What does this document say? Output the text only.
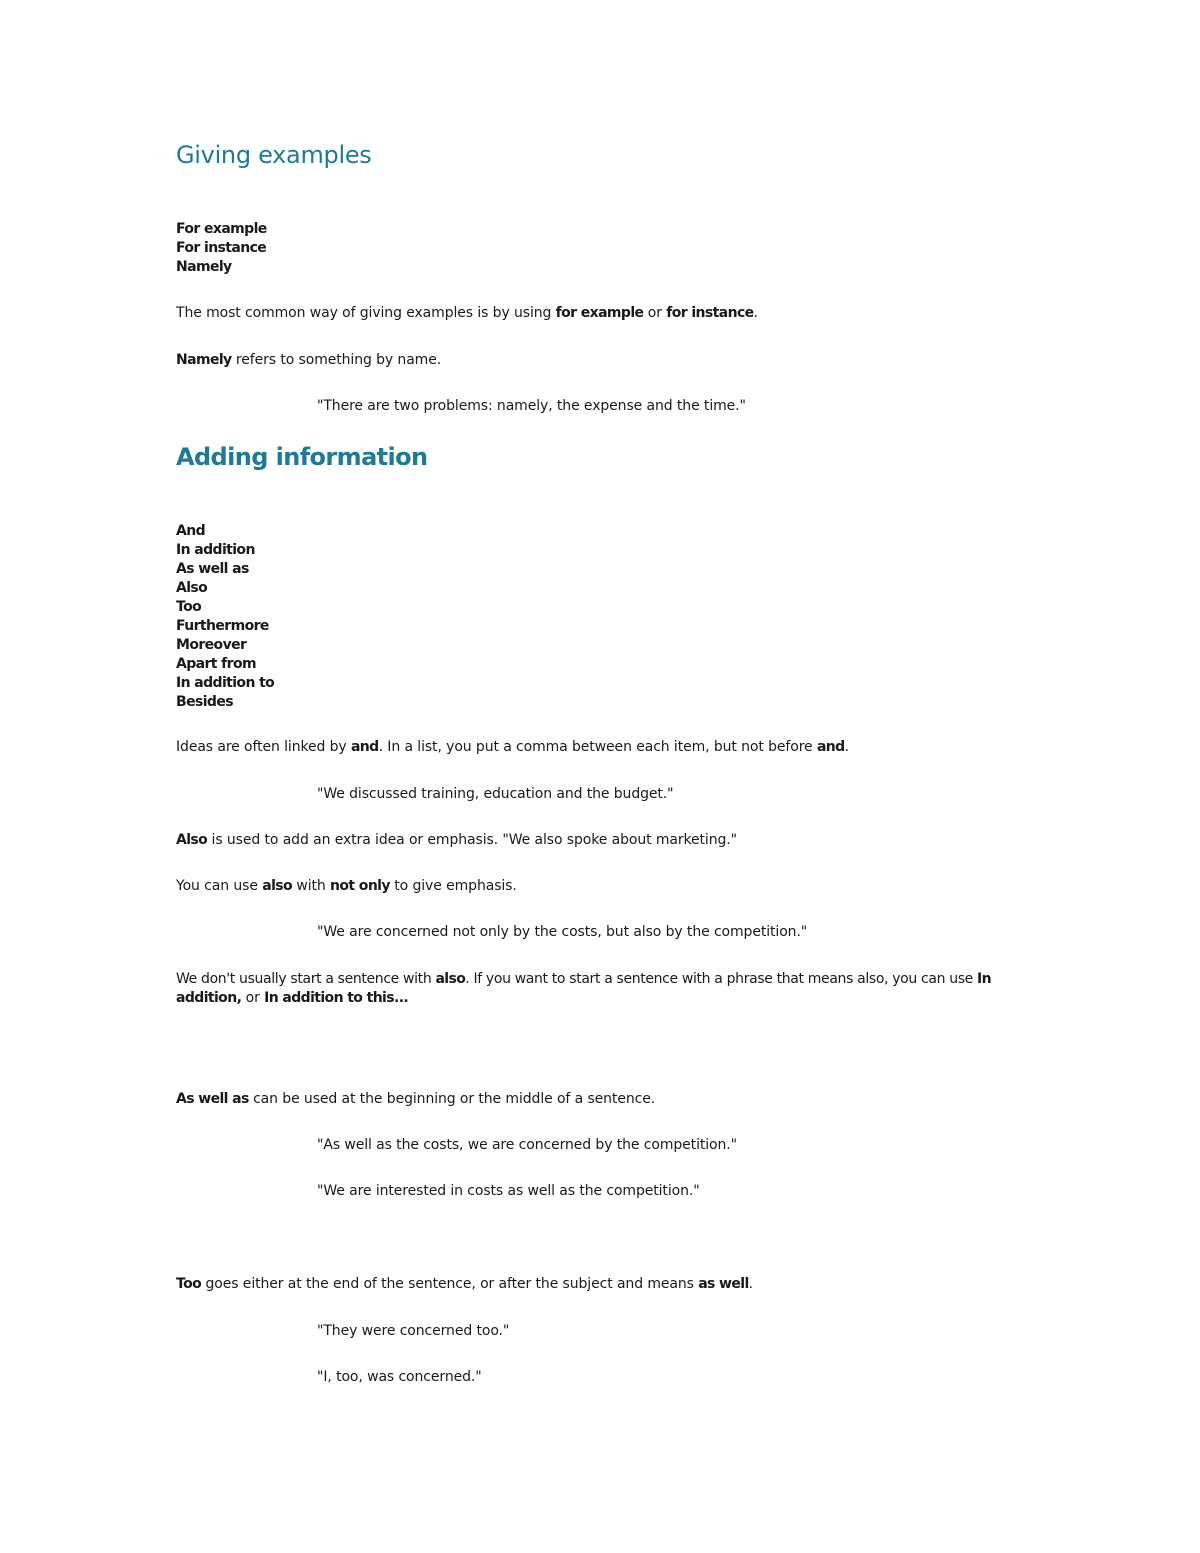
Giving examples
For example
For instance
Namely

The most common way of giving examples is by using for example or for instance.

Namely refers to something by name.

"There are two problems: namely, the expense and the time."

Adding information
And
In addition
As well as
Also
Too
Furthermore
Moreover
Apart from
In addition to
Besides

Ideas are often linked by and. In a list, you put a comma between each item, but not before and.

"We discussed training, education and the budget."

Also is used to add an extra idea or emphasis. "We also spoke about marketing."

You can use also with not only to give emphasis.

"We are concerned not only by the costs, but also by the competition."

We don't usually start a sentence with also. If you want to start a sentence with a phrase that means also, you can use In

addition, or In addition to this...

As well as can be used at the beginning or the middle of a sentence.

"As well as the costs, we are concerned by the competition."

"We are interested in costs as well as the competition."

Too goes either at the end of the sentence, or after the subject and means as well.

"They were concerned too."

"I, too, was concerned."
